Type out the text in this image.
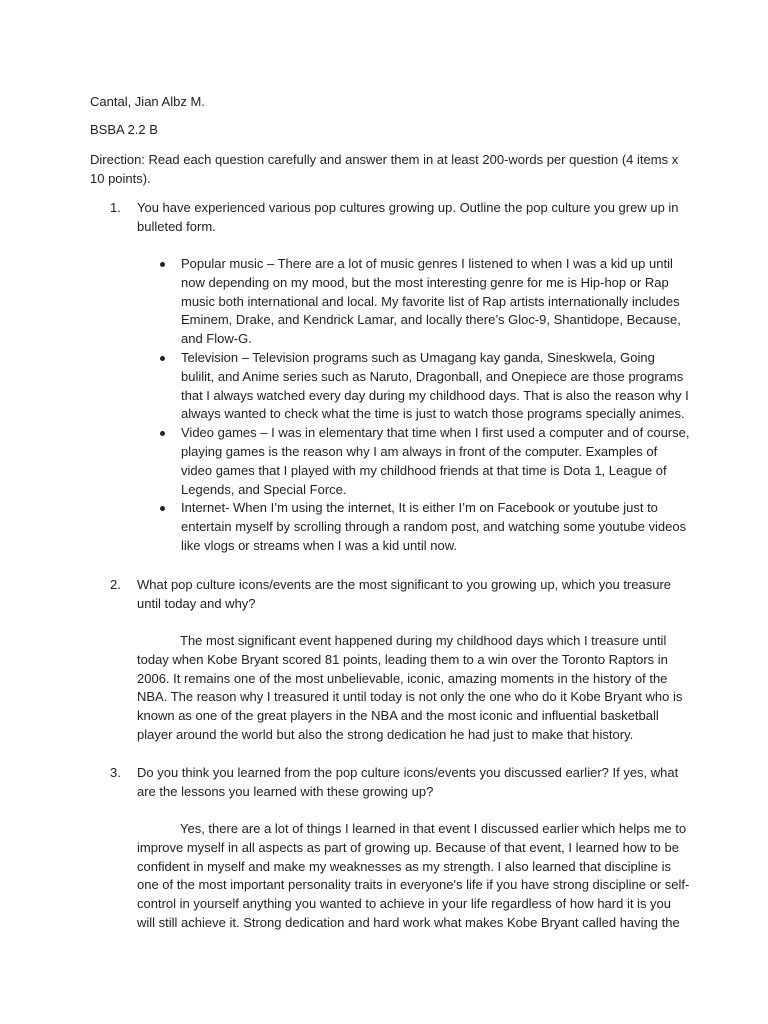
Cantal, Jian Albz M.
BSBA 2.2 B
Direction: Read each question carefully and answer them in at least 200-words per question (4 items x 10 points).
1. You have experienced various pop cultures growing up. Outline the pop culture you grew up in bulleted form.
Popular music – There are a lot of music genres I listened to when I was a kid up until now depending on my mood, but the most interesting genre for me is Hip-hop or Rap music both international and local. My favorite list of Rap artists internationally includes Eminem, Drake, and Kendrick Lamar, and locally there’s Gloc-9, Shantidope, Because, and Flow-G.
Television – Television programs such as Umagang kay ganda, Sineskwela, Going bulilit, and Anime series such as Naruto, Dragonball, and Onepiece are those programs that I always watched every day during my childhood days. That is also the reason why I always wanted to check what the time is just to watch those programs specially animes.
Video games – I was in elementary that time when I first used a computer and of course, playing games is the reason why I am always in front of the computer. Examples of video games that I played with my childhood friends at that time is Dota 1, League of Legends, and Special Force.
Internet- When I’m using the internet, It is either I’m on Facebook or youtube just to entertain myself by scrolling through a random post, and watching some youtube videos like vlogs or streams when I was a kid until now.
2. What pop culture icons/events are the most significant to you growing up, which you treasure until today and why?

The most significant event happened during my childhood days which I treasure until today when Kobe Bryant scored 81 points, leading them to a win over the Toronto Raptors in 2006. It remains one of the most unbelievable, iconic, amazing moments in the history of the NBA. The reason why I treasured it until today is not only the one who do it Kobe Bryant who is known as one of the great players in the NBA and the most iconic and influential basketball player around the world but also the strong dedication he had just to make that history.

3. Do you think you learned from the pop culture icons/events you discussed earlier? If yes, what are the lessons you learned with these growing up?

Yes, there are a lot of things I learned in that event I discussed earlier which helps me to improve myself in all aspects as part of growing up. Because of that event, I learned how to be confident in myself and make my weaknesses as my strength. I also learned that discipline is one of the most important personality traits in everyone's life if you have strong discipline or self-control in yourself anything you wanted to achieve in your life regardless of how hard it is you will still achieve it. Strong dedication and hard work what makes Kobe Bryant called having the
